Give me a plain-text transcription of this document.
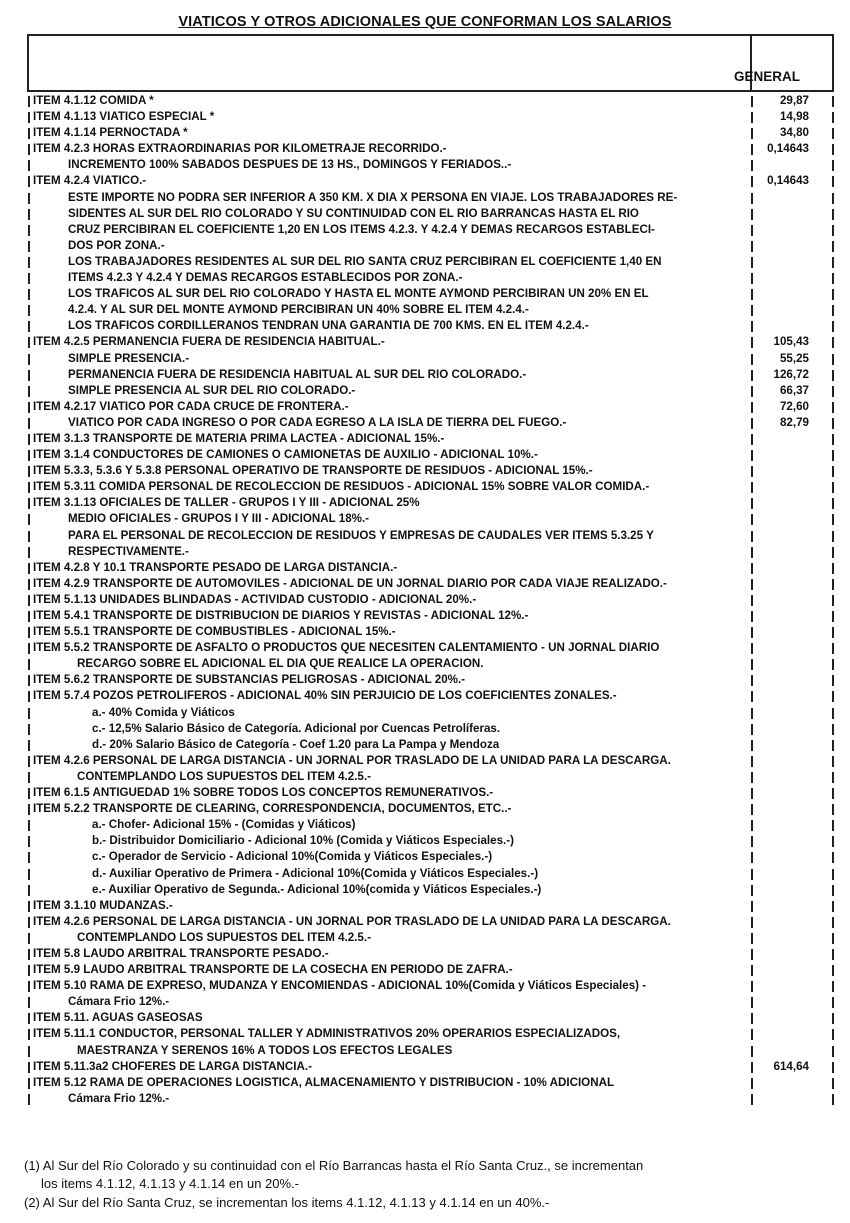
VIATICOS Y OTROS ADICIONALES QUE CONFORMAN LOS SALARIOS
GENERAL
ITEM 4.1.12 COMIDA *	29,87
ITEM 4.1.13 VIATICO ESPECIAL *	14,98
ITEM 4.1.14 PERNOCTADA *	34,80
ITEM 4.2.3 HORAS EXTRAORDINARIAS POR KILOMETRAJE RECORRIDO.-	0,14643
INCREMENTO 100% SABADOS DESPUES DE 13 HS., DOMINGOS Y FERIADOS..-
ITEM 4.2.4 VIATICO.-	0,14643
ESTE IMPORTE NO PODRA SER INFERIOR A 350 KM. X DIA X PERSONA EN VIAJE. LOS TRABAJADORES RE-
SIDENTES AL SUR DEL RIO COLORADO Y SU CONTINUIDAD CON EL RIO BARRANCAS HASTA EL RIO
CRUZ PERCIBIRAN EL COEFICIENTE 1,20 EN LOS ITEMS 4.2.3. Y 4.2.4 Y DEMAS RECARGOS ESTABLECI-
DOS POR ZONA.-
LOS TRABAJADORES RESIDENTES AL SUR DEL RIO SANTA CRUZ PERCIBIRAN EL COEFICIENTE 1,40 EN
ITEMS 4.2.3 Y 4.2.4 Y DEMAS RECARGOS ESTABLECIDOS POR ZONA.-
LOS TRAFICOS AL SUR DEL RIO COLORADO Y HASTA EL MONTE AYMOND PERCIBIRAN UN 20% EN EL
4.2.4. Y AL SUR DEL MONTE AYMOND PERCIBIRAN UN 40% SOBRE EL ITEM 4.2.4.-
LOS TRAFICOS CORDILLERANOS TENDRAN UNA GARANTIA DE 700 KMS. EN EL ITEM 4.2.4.-
ITEM 4.2.5 PERMANENCIA FUERA DE RESIDENCIA HABITUAL.-	105,43
SIMPLE PRESENCIA.-	55,25
PERMANENCIA FUERA DE RESIDENCIA HABITUAL AL SUR DEL RIO COLORADO.-	126,72
SIMPLE PRESENCIA AL SUR DEL RIO COLORADO.-	66,37
ITEM 4.2.17 VIATICO POR CADA CRUCE DE FRONTERA.-	72,60
VIATICO POR CADA INGRESO O POR CADA EGRESO A LA ISLA DE TIERRA DEL FUEGO.-	82,79
ITEM 3.1.3 TRANSPORTE DE MATERIA PRIMA LACTEA - ADICIONAL 15%.-
ITEM 3.1.4 CONDUCTORES DE CAMIONES O CAMIONETAS DE AUXILIO - ADICIONAL 10%.-
ITEM 5.3.3, 5.3.6 Y 5.3.8 PERSONAL OPERATIVO DE TRANSPORTE DE RESIDUOS - ADICIONAL 15%.-
ITEM 5.3.11 COMIDA PERSONAL DE RECOLECCION DE RESIDUOS - ADICIONAL 15% SOBRE VALOR COMIDA.-
ITEM 3.1.13 OFICIALES DE TALLER - GRUPOS I Y III - ADICIONAL 25%
MEDIO OFICIALES - GRUPOS I Y III - ADICIONAL 18%.-
PARA EL PERSONAL DE RECOLECCION DE RESIDUOS Y EMPRESAS DE CAUDALES VER ITEMS 5.3.25 Y
RESPECTIVAMENTE.-
ITEM 4.2.8 Y 10.1 TRANSPORTE PESADO DE LARGA DISTANCIA.-
ITEM 4.2.9 TRANSPORTE DE AUTOMOVILES - ADICIONAL DE UN JORNAL DIARIO POR CADA VIAJE REALIZADO.-
ITEM 5.1.13 UNIDADES BLINDADAS - ACTIVIDAD CUSTODIO - ADICIONAL 20%.-
ITEM 5.4.1 TRANSPORTE DE DISTRIBUCION DE DIARIOS Y REVISTAS - ADICIONAL 12%.-
ITEM 5.5.1 TRANSPORTE DE COMBUSTIBLES - ADICIONAL 15%.-
ITEM 5.5.2 TRANSPORTE DE ASFALTO O PRODUCTOS QUE NECESITEN CALENTAMIENTO - UN JORNAL DIARIO
RECARGO SOBRE EL ADICIONAL EL DIA QUE REALICE LA OPERACION.
ITEM 5.6.2 TRANSPORTE DE SUBSTANCIAS PELIGROSAS - ADICIONAL 20%.-
ITEM 5.7.4 POZOS PETROLIFEROS - ADICIONAL 40% SIN PERJUICIO DE LOS COEFICIENTES ZONALES.-
a.- 40% Comida y Viáticos
c.- 12,5% Salario Básico de Categoría. Adicional por Cuencas Petrolíferas.
d.- 20% Salario Básico de Categoría - Coef 1.20 para La Pampa y Mendoza
ITEM 4.2.6 PERSONAL DE LARGA DISTANCIA - UN JORNAL POR TRASLADO DE LA UNIDAD PARA LA DESCARGA.
CONTEMPLANDO LOS SUPUESTOS DEL ITEM 4.2.5.-
ITEM 6.1.5 ANTIGUEDAD 1% SOBRE TODOS LOS CONCEPTOS REMUNERATIVOS.-
ITEM 5.2.2 TRANSPORTE DE CLEARING, CORRESPONDENCIA, DOCUMENTOS, ETC..-
a.- Chofer- Adicional 15% - (Comidas y Viáticos)
b.- Distribuidor Domiciliario - Adicional 10% (Comida y Viáticos Especiales.-)
c.- Operador de Servicio - Adicional 10%(Comida y Viáticos Especiales.-)
d.- Auxiliar Operativo de Primera - Adicional 10%(Comida y Viáticos Especiales.-)
e.- Auxiliar Operativo de Segunda.- Adicional 10%(comida y Viáticos Especiales.-)
ITEM 3.1.10 MUDANZAS.-
ITEM 4.2.6 PERSONAL DE LARGA DISTANCIA - UN JORNAL POR TRASLADO DE LA UNIDAD PARA LA DESCARGA.
CONTEMPLANDO LOS SUPUESTOS DEL ITEM 4.2.5.-
ITEM 5.8 LAUDO ARBITRAL TRANSPORTE PESADO.-
ITEM 5.9 LAUDO ARBITRAL TRANSPORTE DE LA COSECHA EN PERIODO DE ZAFRA.-
ITEM 5.10 RAMA DE EXPRESO, MUDANZA Y ENCOMIENDAS - ADICIONAL 10%(Comida y Viáticos Especiales) -
Cámara Frio 12%.-
ITEM 5.11. AGUAS GASEOSAS
ITEM 5.11.1 CONDUCTOR, PERSONAL TALLER Y ADMINISTRATIVOS 20% OPERARIOS ESPECIALIZADOS,
MAESTRANZA Y SERENOS 16% A TODOS LOS EFECTOS LEGALES
ITEM 5.11.3a2 CHOFERES DE LARGA DISTANCIA.-	614,64
ITEM 5.12 RAMA DE OPERACIONES LOGISTICA, ALMACENAMIENTO Y DISTRIBUCION - 10% ADICIONAL
Cámara Frio 12%.-
(1) Al Sur del Río Colorado y su continuidad con el Río Barrancas hasta el Río Santa Cruz., se incrementan
los items 4.1.12, 4.1.13 y 4.1.14 en un 20%.-
(2) Al Sur del Río Santa Cruz, se incrementan los items 4.1.12, 4.1.13 y 4.1.14 en un 40%.-
